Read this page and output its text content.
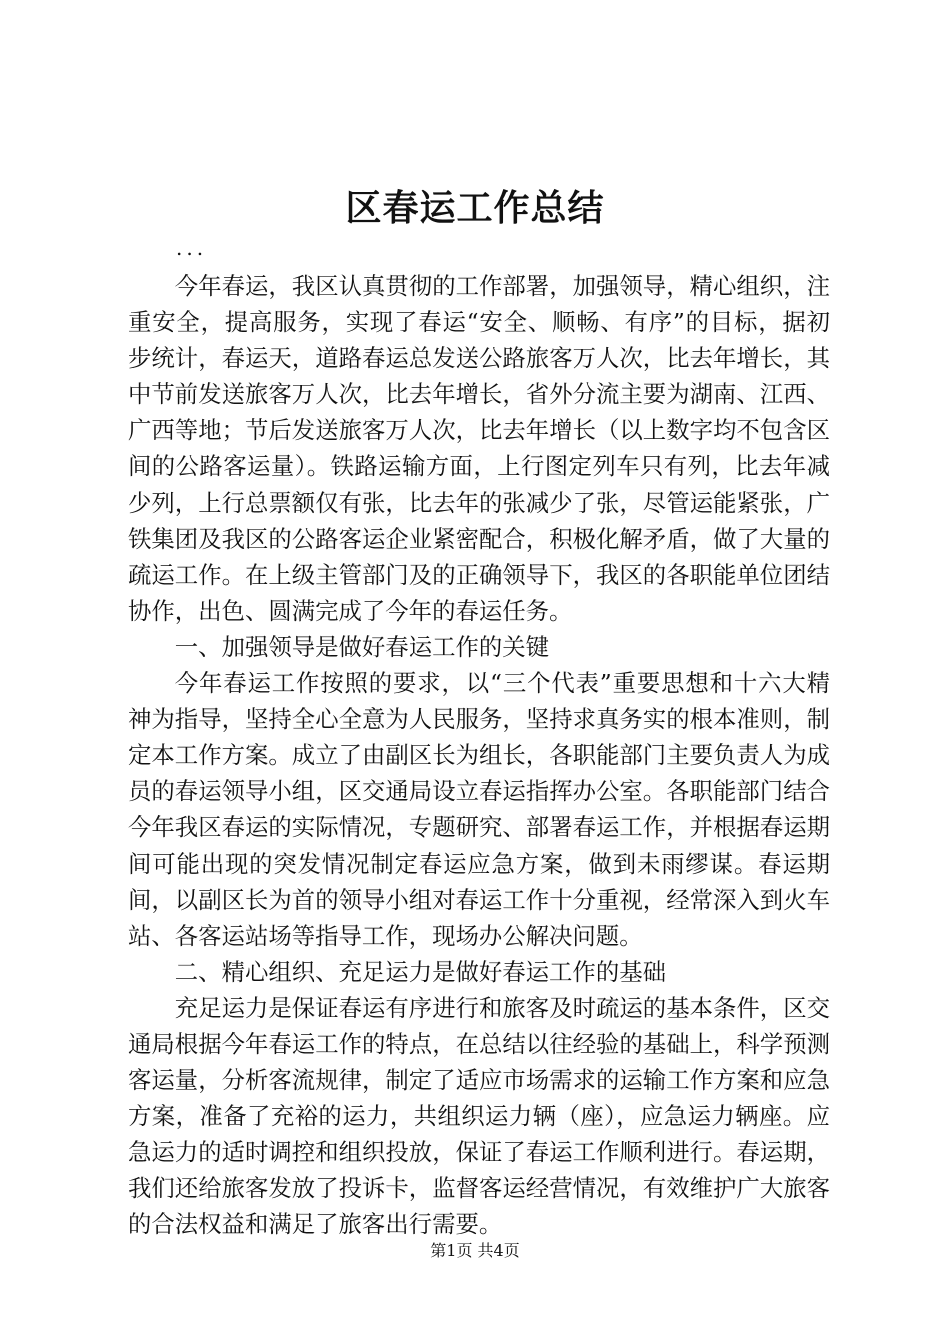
区春运工作总结
...

今年春运，我区认真贯彻的工作部署，加强领导，精心组织，注重安全，提高服务，实现了春运“安全、顺畅、有序”的目标，据初步统计，春运天，道路春运总发送公路旅客万人次，比去年增长，其中节前发送旅客万人次，比去年增长，省外分流主要为湖南、江西、广西等地；节后发送旅客万人次，比去年增长（以上数字均不包含区间的公路客运量）。铁路运输方面，上行图定列车只有列，比去年减少列，上行总票额仅有张，比去年的张减少了张，尽管运能紧张，广铁集团及我区的公路客运企业紧密配合，积极化解矛盾，做了大量的疏运工作。在上级主管部门及的正确领导下，我区的各职能单位团结协作，出色、圆满完成了今年的春运任务。

一、加强领导是做好春运工作的关键

今年春运工作按照的要求，以“三个代表”重要思想和十六大精神为指导，坚持全心全意为人民服务，坚持求真务实的根本准则，制定本工作方案。成立了由副区长为组长，各职能部门主要负责人为成员的春运领导小组，区交通局设立春运指挥办公室。各职能部门结合今年我区春运的实际情况，专题研究、部署春运工作，并根据春运期间可能出现的突发情况制定春运应急方案，做到未雨缪谋。春运期间，以副区长为首的领导小组对春运工作十分重视，经常深入到火车站、各客运站场等指导工作，现场办公解决问题。

二、精心组织、充足运力是做好春运工作的基础

充足运力是保证春运有序进行和旅客及时疏运的基本条件，区交通局根据今年春运工作的特点，在总结以往经验的基础上，科学预测客运量，分析客流规律，制定了适应市场需求的运输工作方案和应急方案，准备了充裕的运力，共组织运力辆（座），应急运力辆座。应急运力的适时调控和组织投放，保证了春运工作顺利进行。春运期，我们还给旅客发放了投诉卡，监督客运经营情况，有效维护广大旅客的合法权益和满足了旅客出行需要。

第1页 共4页
